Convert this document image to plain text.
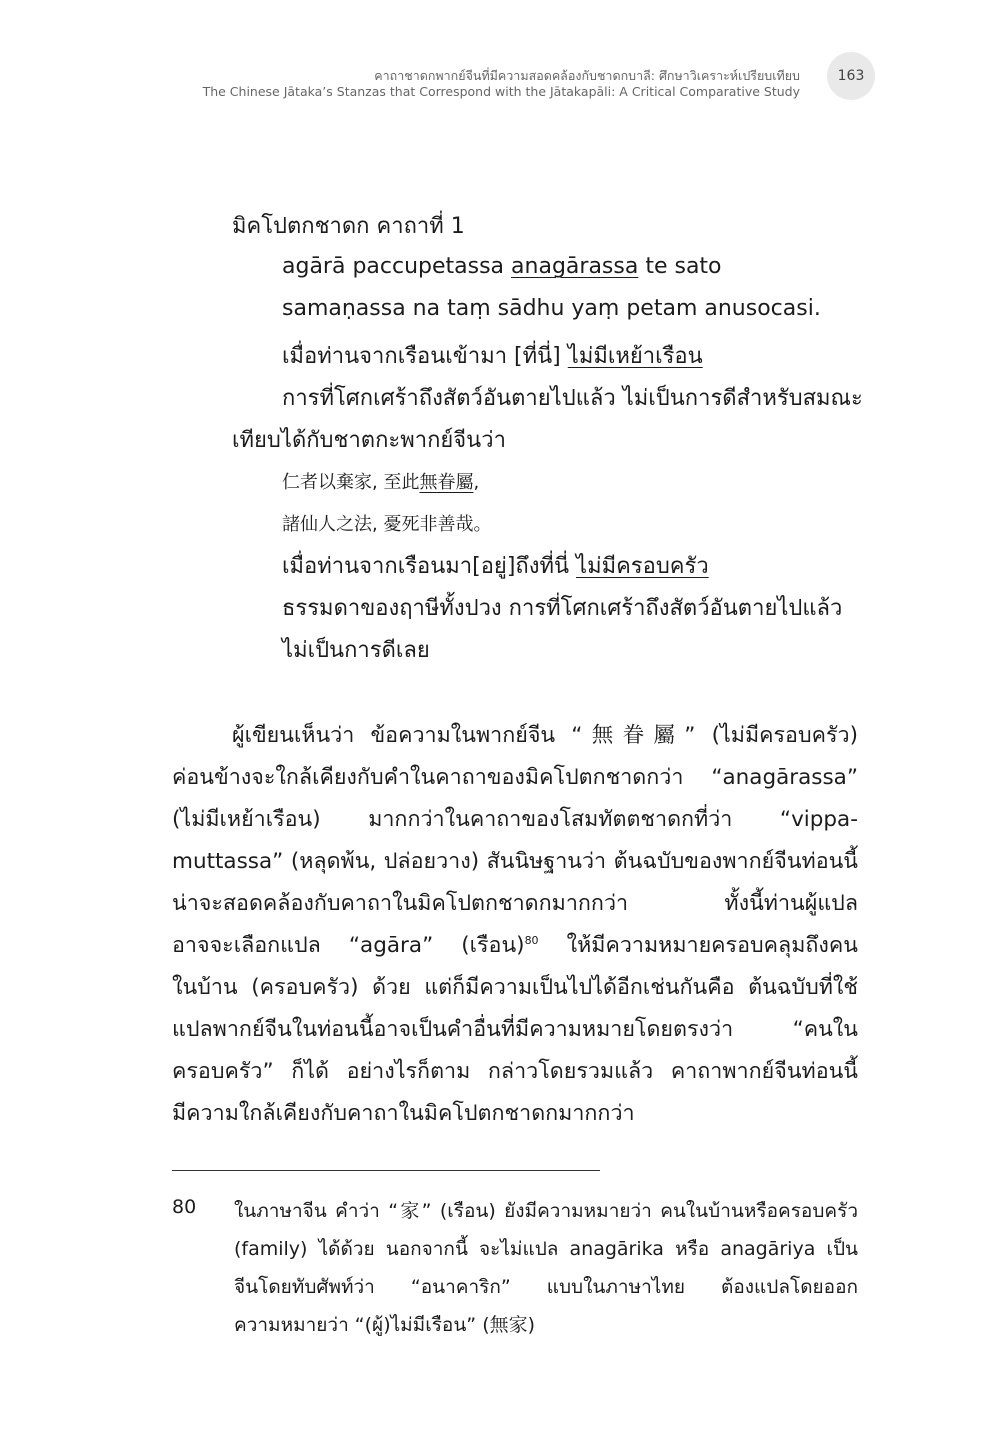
คาถาชาดกพากย์จีนที่มีความสอดคล้องกับชาดกบาลี: ศึกษาวิเคราะห์เปรียบเทียบ
The Chinese Jātaka’s Stanzas that Correspond with the Jātakapāli: A Critical Comparative Study
163
มิคโปตกชาดก คาถาที่ 1
agārā paccupetassa anagārassa te sato
samaṇassa na taṃ sādhu yaṃ petam anusocasi.
เมื่อท่านจากเรือนเข้ามา [ที่นี่] ไม่มีเหย้าเรือน
การที่โศกเศร้าถึงสัตว์อันตายไปแล้ว ไม่เป็นการดีสำหรับสมณะ
เทียบได้กับชาตกะพากย์จีนว่า
仁者以棄家, 至此無眷屬,
諸仙人之法, 憂死非善哉。
เมื่อท่านจากเรือนมา[อยู่]ถึงที่นี่ ไม่มีครอบครัว
ธรรมดาของฤาษีทั้งปวง การที่โศกเศร้าถึงสัตว์อันตายไปแล้ว
ไม่เป็นการดีเลย
ผู้เขียนเห็นว่า ข้อความในพากย์จีน “無眷屬” (ไม่มีครอบครัว)
ค่อนข้างจะใกล้เคียงกับคำในคาถาของมิคโปตกชาดกว่า “anagārassa”
(ไม่มีเหย้าเรือน) มากกว่าในคาถาของโสมทัตตชาดกที่ว่า “vippa-
muttassa” (หลุดพ้น, ปล่อยวาง) สันนิษฐานว่า ต้นฉบับของพากย์จีนท่อนนี้
น่าจะสอดคล้องกับคาถาในมิคโปตกชาดกมากกว่า ทั้งนี้ท่านผู้แปล
อาจจะเลือกแปล “agāra” (เรือน)$^{80}$ ให้มีความหมายครอบคลุมถึงคน
ในบ้าน (ครอบครัว) ด้วย แต่ก็มีความเป็นไปได้อีกเช่นกันคือ ต้นฉบับที่ใช้
แปลพากย์จีนในท่อนนี้อาจเป็นคำอื่นที่มีความหมายโดยตรงว่า “คนใน
ครอบครัว” ก็ได้ อย่างไรก็ตาม กล่าวโดยรวมแล้ว คาถาพากย์จีนท่อนนี้
มีความใกล้เคียงกับคาถาในมิคโปตกชาดกมากกว่า
80 ในภาษาจีน คำว่า “家” (เรือน) ยังมีความหมายว่า คนในบ้านหรือครอบครัว
(family) ได้ด้วย นอกจากนี้ จะไม่แปล anagārika หรือ anagāriya เป็น
จีนโดยทับศัพท์ว่า “อนาคาริก” แบบในภาษาไทย ต้องแปลโดยออก
ความหมายว่า “(ผู้)ไม่มีเรือน” (無家)
